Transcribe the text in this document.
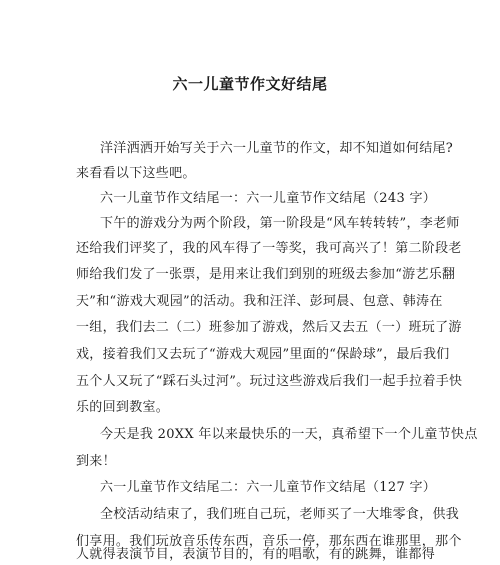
六一儿童节作文好结尾
洋洋洒洒开始写关于六一儿童节的作文，却不知道如何结尾?
来看看以下这些吧。
六一儿童节作文结尾一：六一儿童节作文结尾（243 字）
下午的游戏分为两个阶段，第一阶段是“风车转转转”，李老师
还给我们评奖了，我的风车得了一等奖，我可高兴了！第二阶段老
师给我们发了一张票，是用来让我们到别的班级去参加“游艺乐翻
天”和“游戏大观园”的活动。我和汪洋、彭珂晨、包意、韩涛在
一组，我们去二（二）班参加了游戏，然后又去五（一）班玩了游
戏，接着我们又去玩了“游戏大观园”里面的“保龄球”，最后我们
五个人又玩了“踩石头过河”。玩过这些游戏后我们一起手拉着手快
乐的回到教室。
今天是我 20XX 年以来最快乐的一天，真希望下一个儿童节快点
到来！
六一儿童节作文结尾二：六一儿童节作文结尾（127 字）
全校活动结束了，我们班自己玩，老师买了一大堆零食，供我
们享用。我们玩放音乐传东西，音乐一停，那东西在谁那里，那个
人就得表演节目，表演节目的，有的唱歌，有的跳舞，谁都得
